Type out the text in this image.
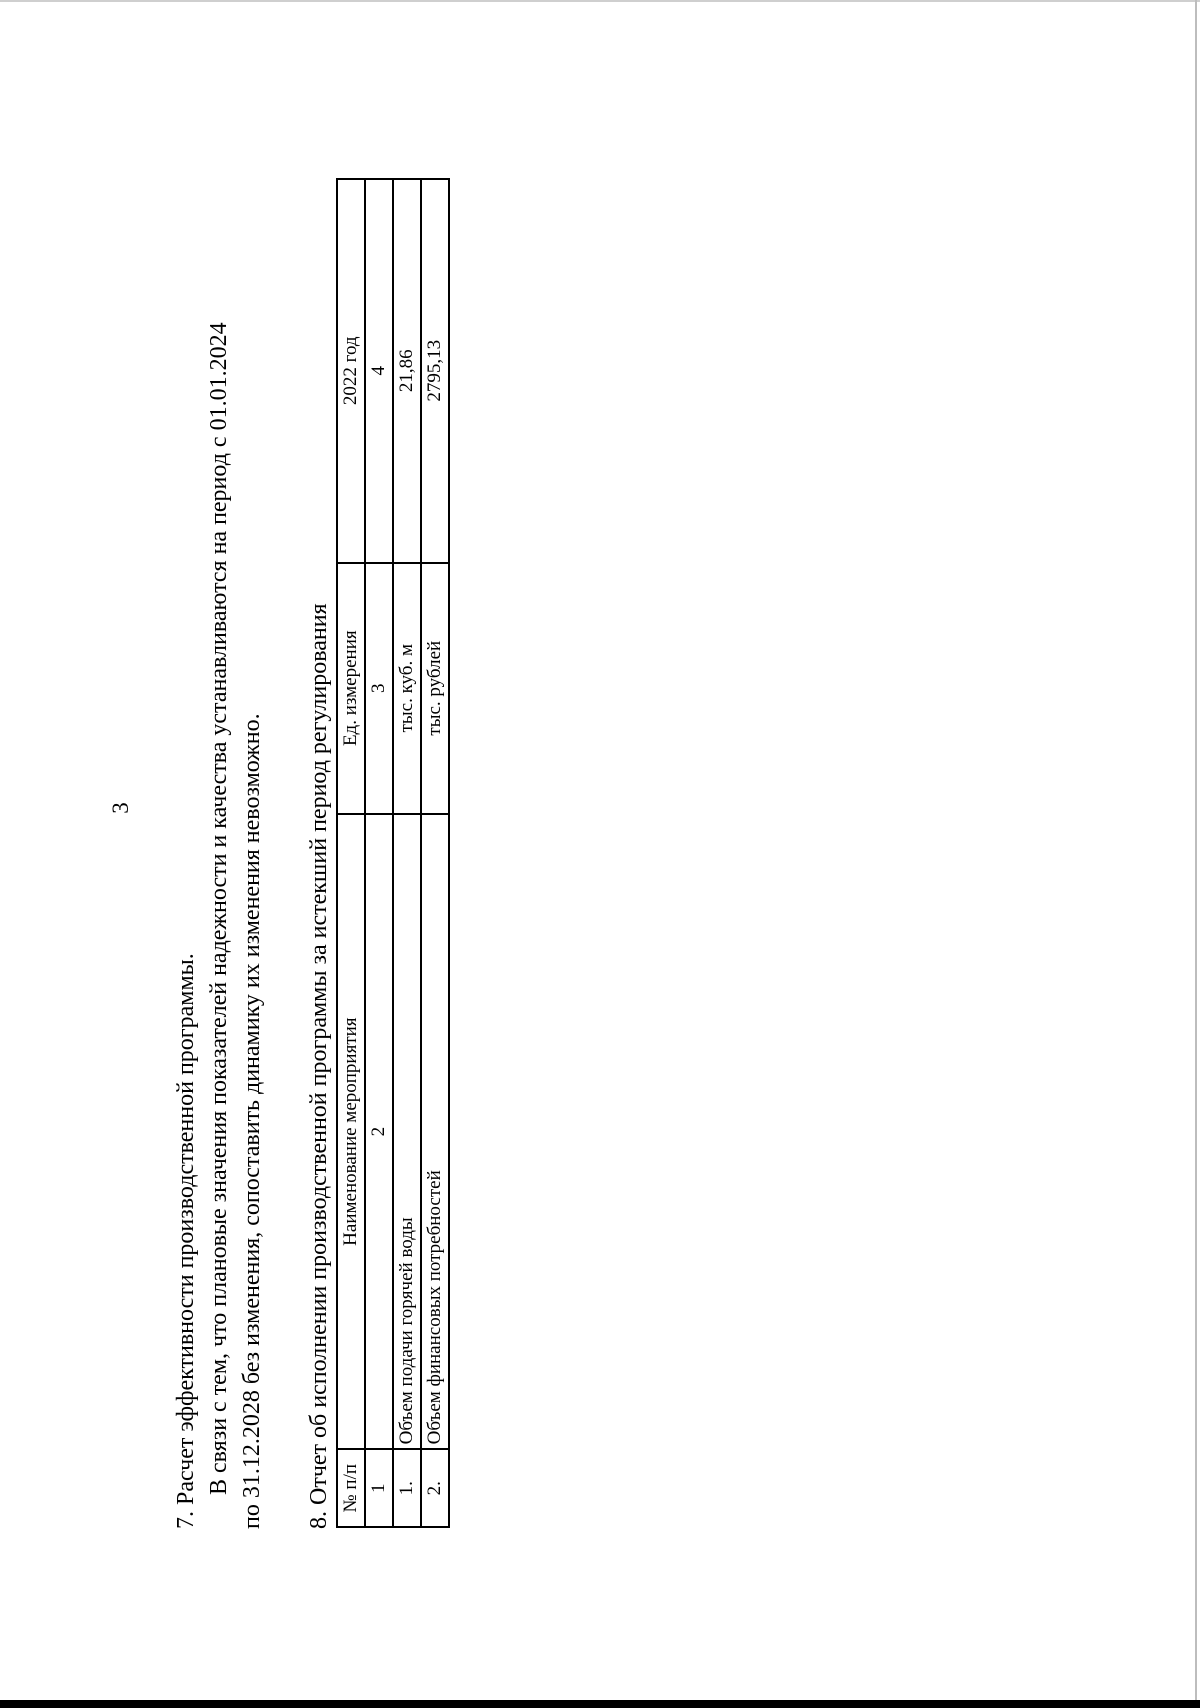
3
7. Расчет эффективности производственной программы. В связи с тем, что плановые значения показателей надежности и качества устанавливаются на период с 01.01.2024 по 31.12.2028 без изменения, сопоставить динамику их изменения невозможно. 8. Отчет об исполнении производственной программы за истекший период регулирования № п/п	Наименование мероприятия	Ед. измерения	2022 год
1	2	3	4
1.	Объем подачи горячей воды	тыс. куб. м	21,86
2.	Объем финансовых потребностей	тыс. рублей	2795,13
